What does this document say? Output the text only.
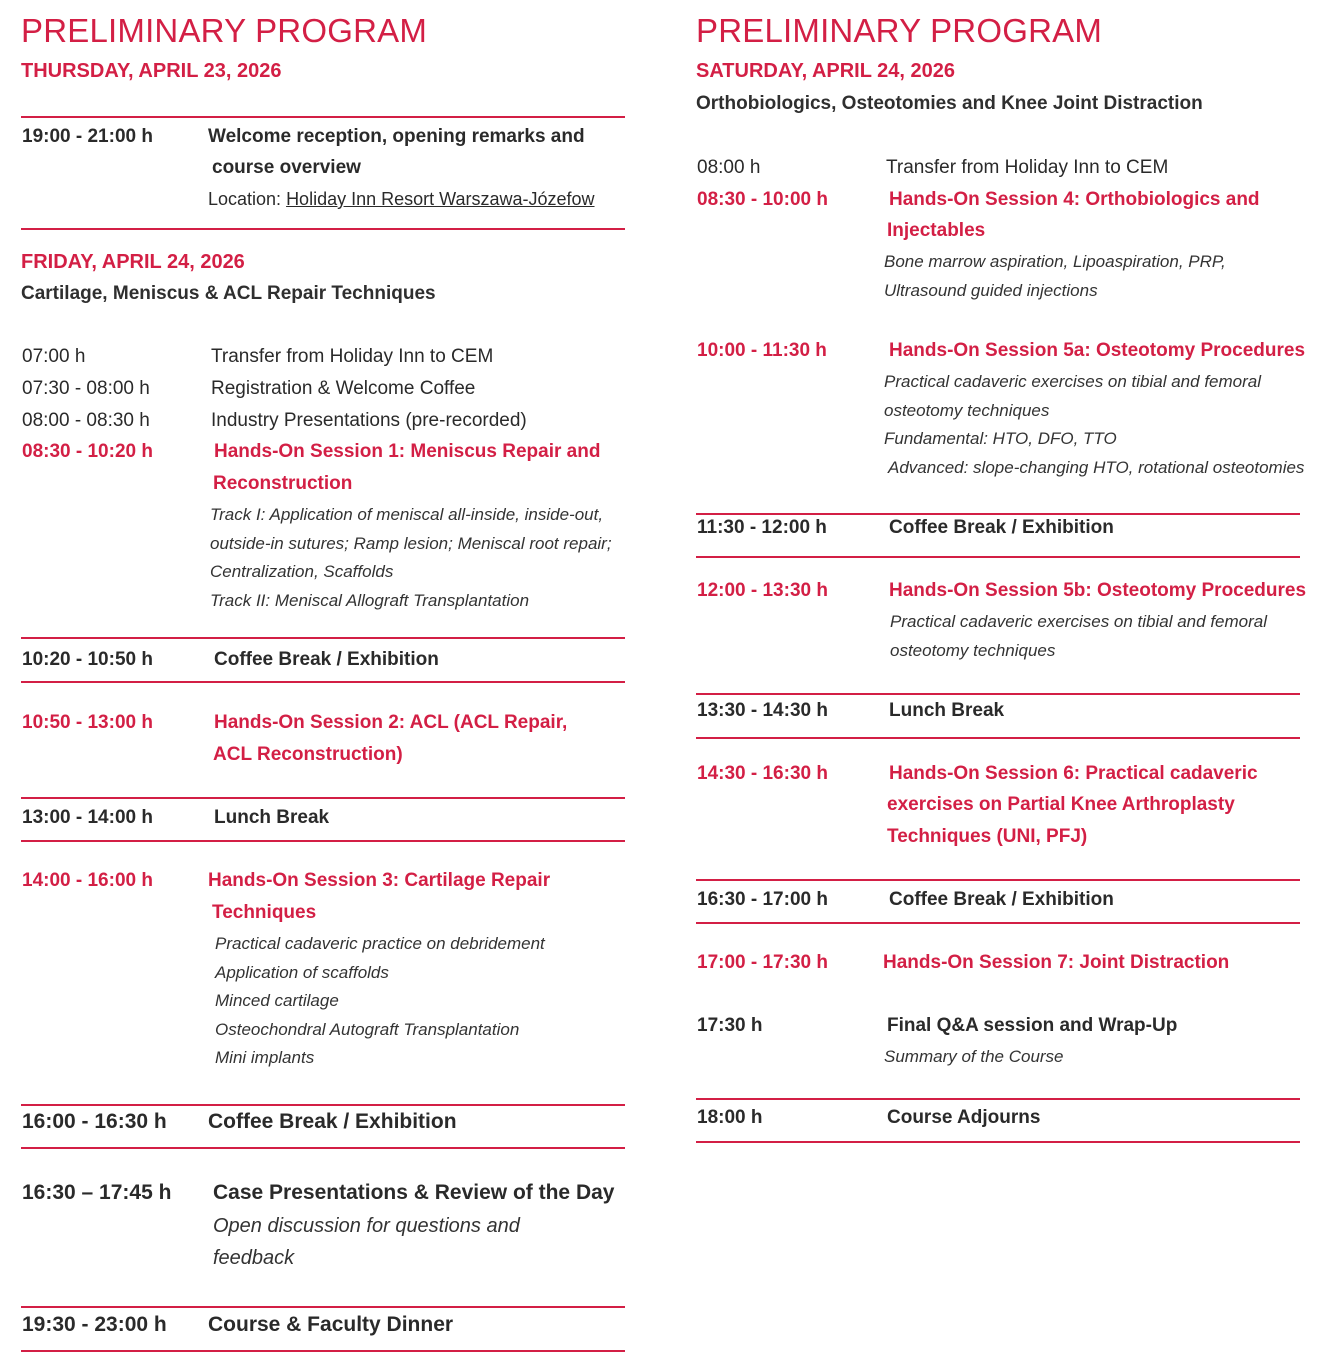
PRELIMINARY PROGRAM
THURSDAY, APRIL 23, 2026
19:00 - 21:00 h	Welcome reception, opening remarks and
course overview
Location: Holiday Inn Resort Warszawa-Józefow
FRIDAY, APRIL 24, 2026
Cartilage, Meniscus & ACL Repair Techniques
07:00 h	Transfer from Holiday Inn to CEM
07:30 - 08:00 h	Registration & Welcome Coffee
08:00 - 08:30 h	Industry Presentations (pre-recorded)
08:30 - 10:20 h	Hands-On Session 1: Meniscus Repair and
Reconstruction
Track I: Application of meniscal all-inside, inside-out,
outside-in sutures; Ramp lesion; Meniscal root repair;
Centralization, Scaffolds
Track II: Meniscal Allograft Transplantation
10:20 - 10:50 h	Coffee Break / Exhibition
10:50 - 13:00 h	Hands-On Session 2: ACL (ACL Repair,
ACL Reconstruction)
13:00 - 14:00 h	Lunch Break
14:00 - 16:00 h	Hands-On Session 3: Cartilage Repair
Techniques
Practical cadaveric practice on debridement
Application of scaffolds
Minced cartilage
Osteochondral Autograft Transplantation
Mini implants
16:00 - 16:30 h Coffee Break / Exhibition
16:30 – 17:45 h Case Presentations & Review of the Day
Open discussion for questions and
feedback
19:30 - 23:00 h Course & Faculty Dinner
PRELIMINARY PROGRAM
SATURDAY, APRIL 24, 2026
Orthobiologics, Osteotomies and Knee Joint Distraction
08:00 h	Transfer from Holiday Inn to CEM
08:30 - 10:00 h	Hands-On Session 4: Orthobiologics and
Injectables
Bone marrow aspiration, Lipoaspiration, PRP,
Ultrasound guided injections
10:00 - 11:30 h	Hands-On Session 5a: Osteotomy Procedures
Practical cadaveric exercises on tibial and femoral
osteotomy techniques
Fundamental: HTO, DFO, TTO
Advanced: slope-changing HTO, rotational osteotomies
11:30 - 12:00 h	Coffee Break / Exhibition
12:00 - 13:30 h	Hands-On Session 5b: Osteotomy Procedures
Practical cadaveric exercises on tibial and femoral
osteotomy techniques
13:30 - 14:30 h	Lunch Break
14:30 - 16:30 h	Hands-On Session 6: Practical cadaveric
exercises on Partial Knee Arthroplasty
Techniques (UNI, PFJ)
16:30 - 17:00 h	Coffee Break / Exhibition
17:00 - 17:30 h	Hands-On Session 7: Joint Distraction
17:30 h	Final Q&A session and Wrap-Up
Summary of the Course
18:00 h	Course Adjourns
